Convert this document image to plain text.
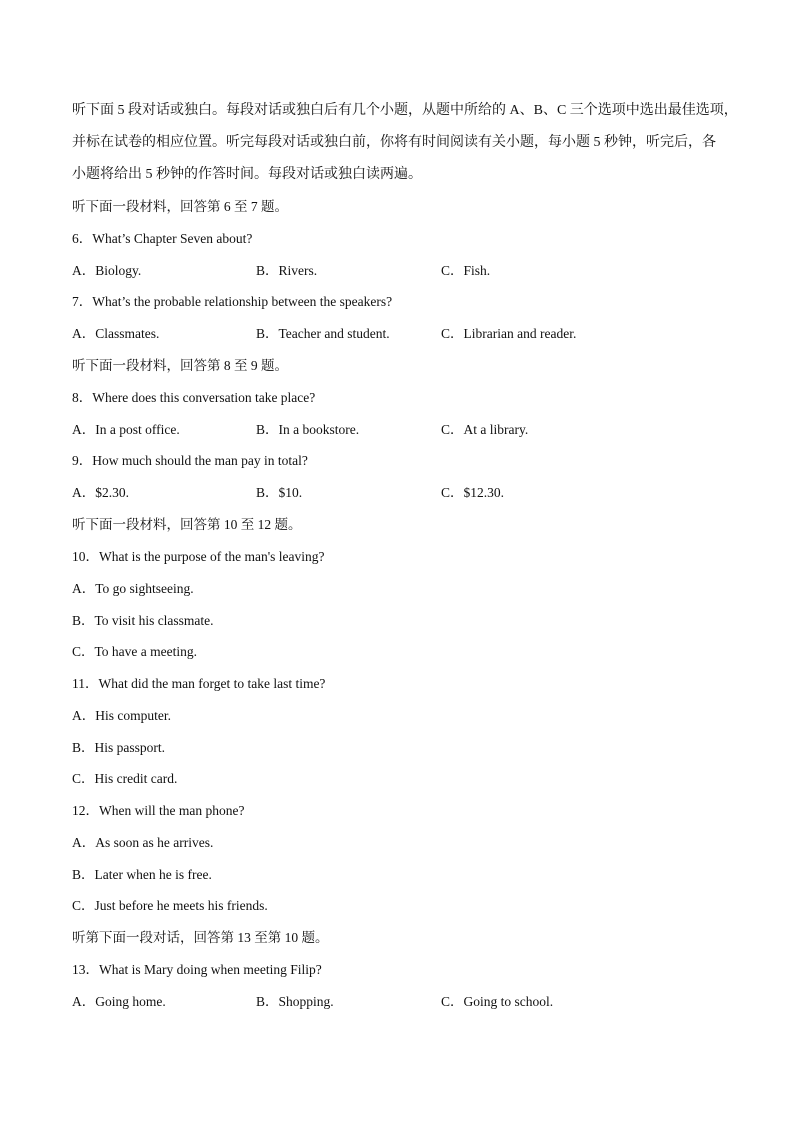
听下面 5 段对话或独白。每段对话或独白后有几个小题，从题中所给的 A、B、C 三个选项中选出最佳选项，
并标在试卷的相应位置。听完每段对话或独白前，你将有时间阅读有关小题，每小题 5 秒钟，听完后，各
小题将给出 5 秒钟的作答时间。每段对话或独白读两遍。
听下面一段材料，回答第 6 至 7 题。
6．What’s Chapter Seven about?
A．Biology.	B．Rivers.	C．Fish.
7．What’s the probable relationship between the speakers?
A．Classmates.	B．Teacher and student.	C．Librarian and reader.
听下面一段材料，回答第 8 至 9 题。
8．Where does this conversation take place?
A．In a post office.	B．In a bookstore.	C．At a library.
9．How much should the man pay in total?
A．$2.30.	B．$10.	C．$12.30.
听下面一段材料，回答第 10 至 12 题。
10．What is the purpose of the man's leaving?
A．To go sightseeing.
B．To visit his classmate.
C．To have a meeting.
11．What did the man forget to take last time?
A．His computer.
B．His passport.
C．His credit card.
12．When will the man phone?
A．As soon as he arrives.
B．Later when he is free.
C．Just before he meets his friends.
听第下面一段对话，回答第 13 至第 10 题。
13．What is Mary doing when meeting Filip?
A．Going home.	B．Shopping.	C．Going to school.
